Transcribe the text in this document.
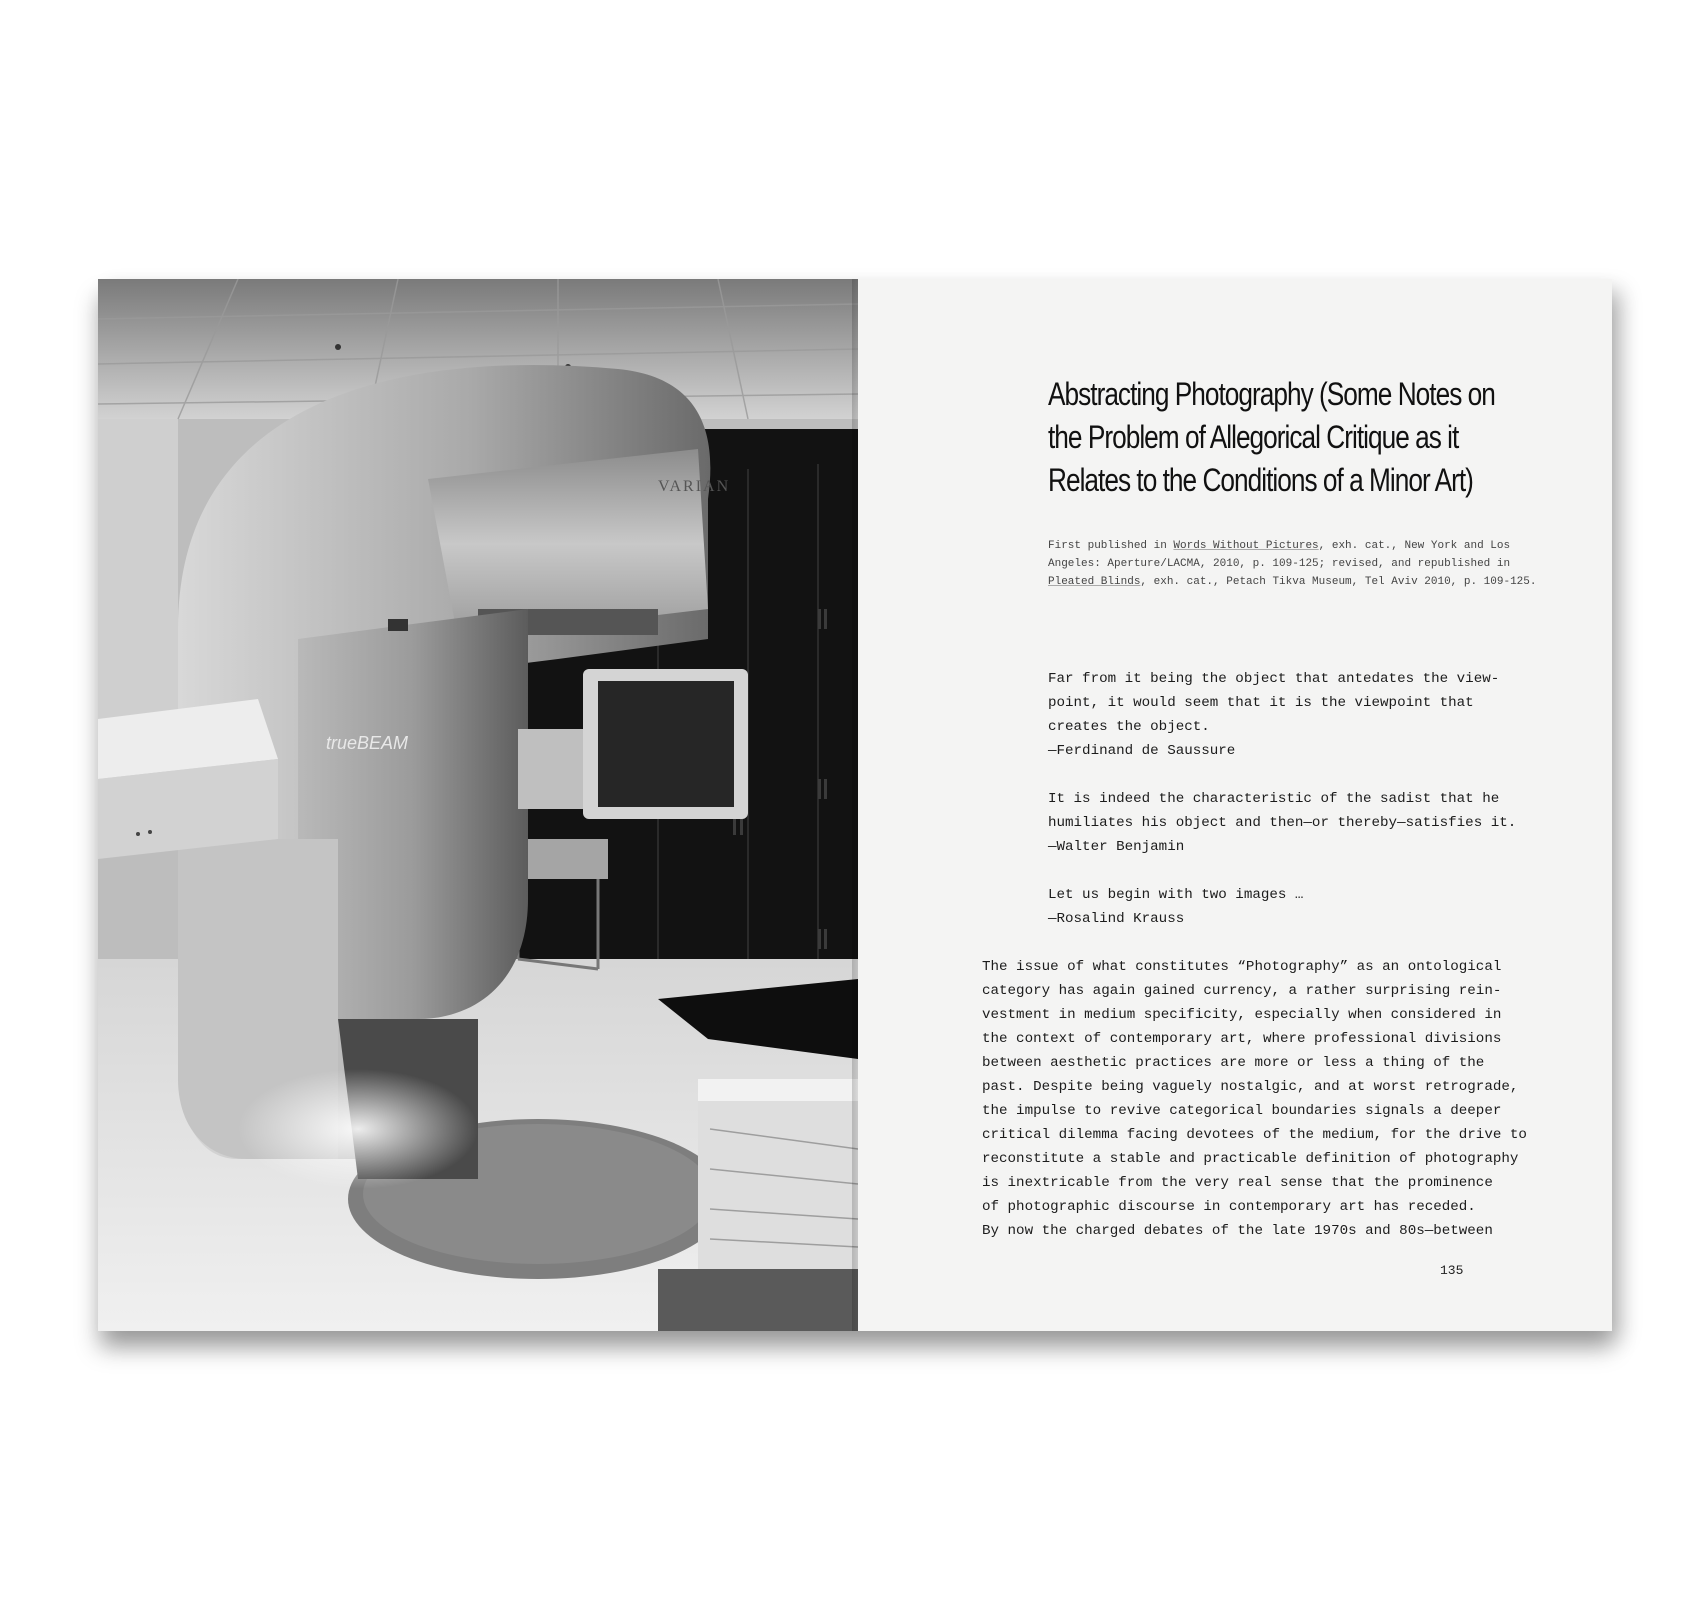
VARIAN
trueBEAM
Abstracting Photography (Some Notes on the Problem of Allegorical Critique as it Relates to the Conditions of a Minor Art)

First published in Words Without Pictures, exh. cat., New York and Los Angeles: Aperture/LACMA, 2010, p. 109-125; revised, and republished in Pleated Blinds, exh. cat., Petach Tikva Museum, Tel Aviv 2010, p. 109-125.

Far from it being the object that antedates the view-
point, it would seem that it is the viewpoint that
creates the object.

—Ferdinand de Saussure

It is indeed the characteristic of the sadist that he
humiliates his object and then—or thereby—satisfies it.

—Walter Benjamin

Let us begin with two images …

—Rosalind Krauss

The issue of what constitutes “Photography” as an ontological
category has again gained currency, a rather surprising rein-
vestment in medium specificity, especially when considered in
the context of contemporary art, where professional divisions
between aesthetic practices are more or less a thing of the
past. Despite being vaguely nostalgic, and at worst retrograde,
the impulse to revive categorical boundaries signals a deeper
critical dilemma facing devotees of the medium, for the drive to
reconstitute a stable and practicable definition of photography
is inextricable from the very real sense that the prominence
of photographic discourse in contemporary art has receded.
By now the charged debates of the late 1970s and 80s—between

135
